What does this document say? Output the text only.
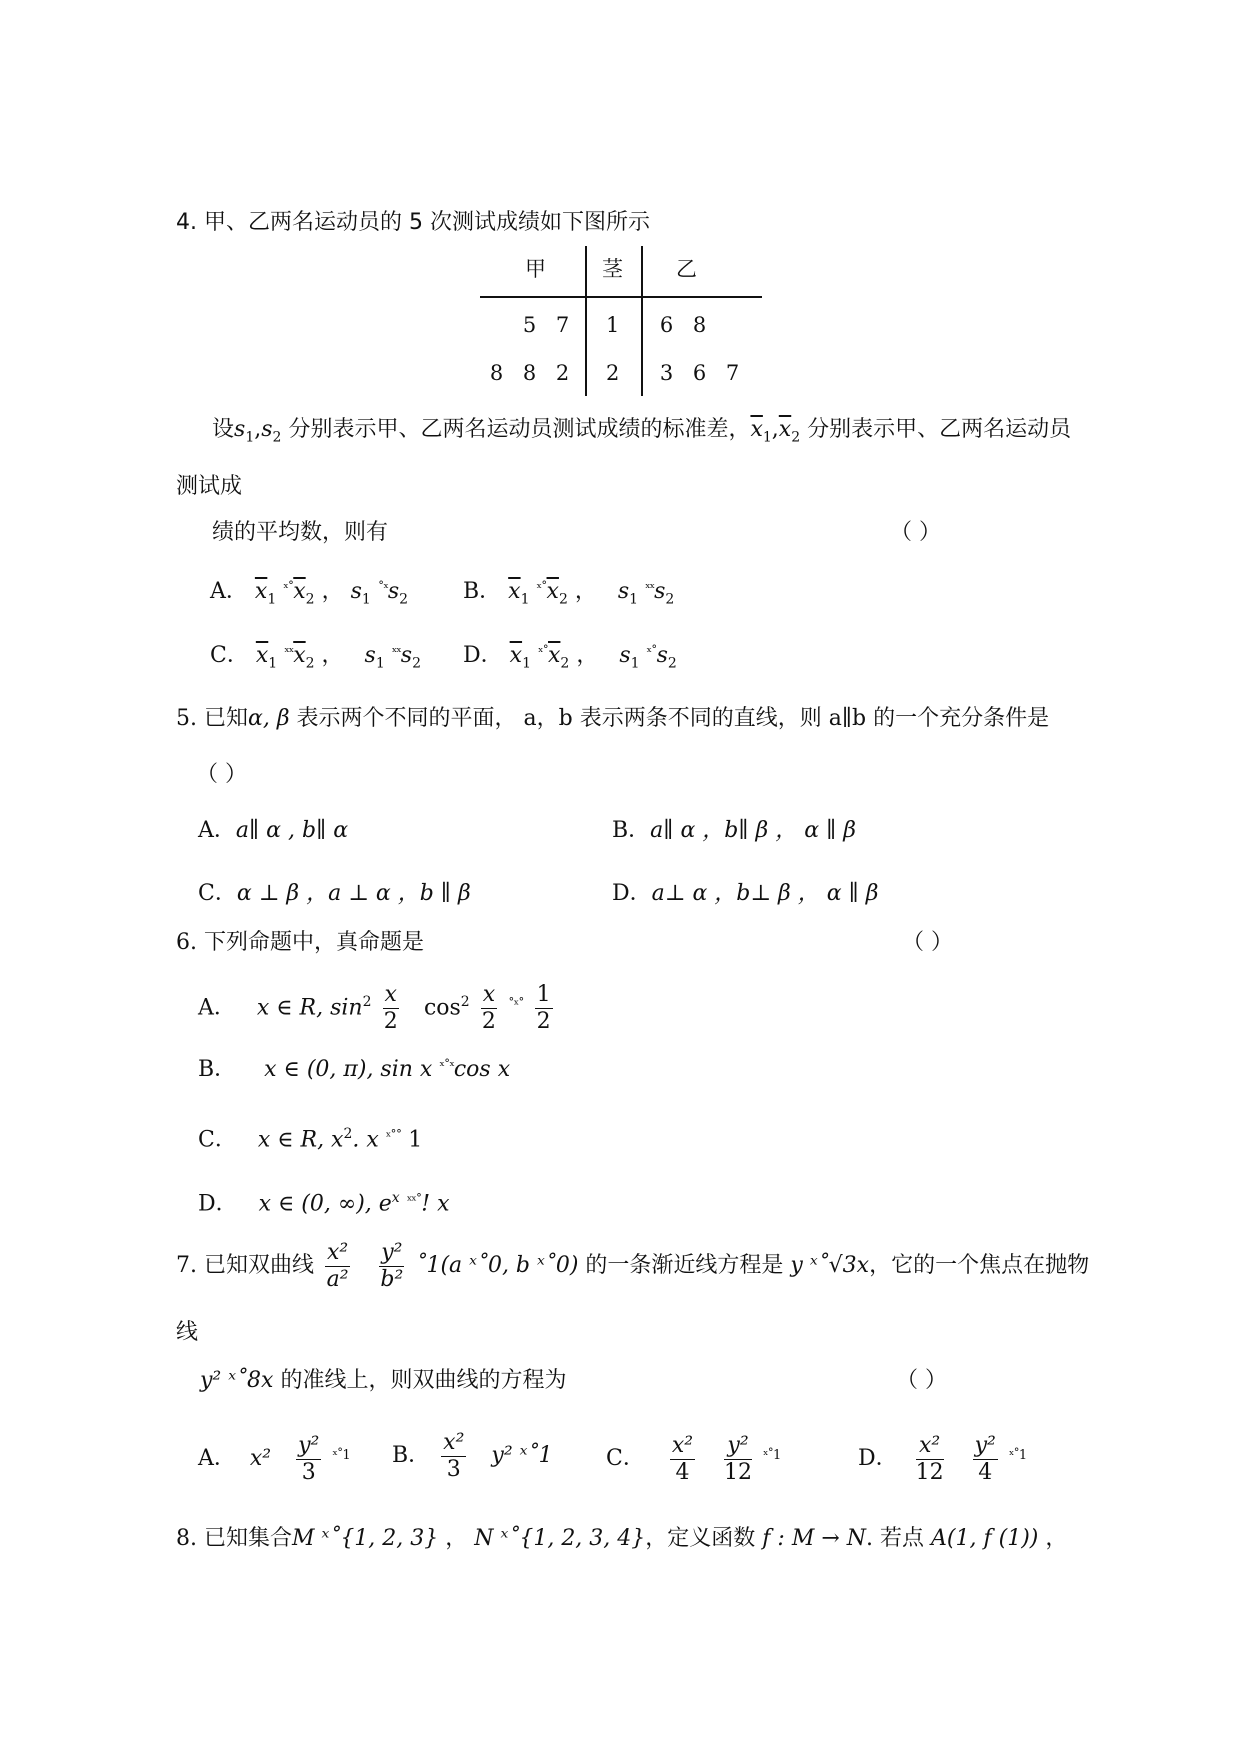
4. 甲、乙两名运动员的 5 次测试成绩如下图所示
甲	茎	乙
5 7	1	6 8
8 8 2	2	3 6 7
设$s_1,s_2$ 分别表示甲、乙两名运动员测试成绩的标准差，$\overline{x}_1,\overline{x}_2$ 分别表示甲、乙两名运动员
测试成
绩的平均数，则有	（ ）
A． $\overline{x}_1$ $^{ˣ˚}\overline{x}_2$ ， $s_1$ $^{˚ˣ}s_2$ B． $\overline{x}_1$ $^{ˣ˚}\overline{x}_2$ ， $s_1$ $^{ˣˣ}s_2$
C． $\overline{x}_1$ $^{ˣˣ}\overline{x}_2$ ， $s_1$ $^{ˣˣ}s_2$ D． $\overline{x}_1$ $^{ˣ˚}\overline{x}_2$ ， $s_1$ $^{ˣ˚}s_2$
5. 已知α, β 表示两个不同的平面， a，b 表示两条不同的直线，则 a∥b 的一个充分条件是
（ ）
A．a∥ α , b∥ α	B．a∥ α ，b∥ β ， α ∥ β
C．α ⊥ β ，a ⊥ α ，b ∥ β	D．a⊥ α ，b⊥ β ， α ∥ β
6. 下列命题中，真命题是	（ ）
A． x ∈ R, $\sin^2 \frac{x}{2} \cos^2 \frac{x}{2} ^{˚ˣ˚} \frac{1}{2}$
B． x ∈ (0, π), sin x $^{ˣ˚ˣ}$cos x
C． x ∈ R, $x^2$. x $^{ˣ˚˚}$ 1
D． x ∈ (0, ∞), $e^x$ $^{ˣˣ˚}$! x
7. 已知双曲线 $\frac{\text{x²}}{\text{a²}}$
$\frac{\text{y²}}{\text{b²}}$ ˚1(a ˣ˚0, b ˣ˚0) 的一条渐近线方程是 y ˣ˚√3x，它的一个焦点在抛物
线
y² ˣ˚8x 的准线上，则双曲线的方程为	（ ）
A． $x^2 \frac{\text{y²}}{3} ^{ˣ˚1}$ B． $\frac{\text{x²}}{3} y^2$ ˣ˚1 C． $\frac{\text{x²}}{4}$
$\frac{\text{y²}}{12} ^{ˣ˚1}$	D． $\frac{\text{x²}}{12}$
$\frac{\text{y²}}{4} ^{ˣ˚1}$
8. 已知集合M ˣ˚{1, 2, 3} ， N ˣ˚{1, 2, 3, 4}，定义函数 f : M → N. 若点 A(1, f (1)) ，
